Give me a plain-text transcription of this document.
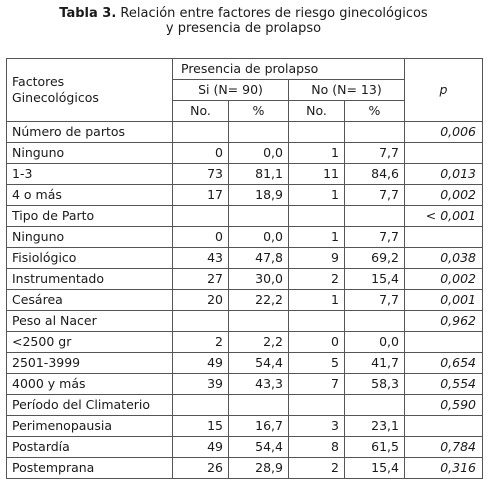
Tabla 3. Relación entre factores de riesgo ginecológicos
y presencia de prolapso
Factores
Ginecológicos	Presencia de prolapso				p
	Si (N= 90)		No (N= 13)		
	No.	%	No.	%	
Número de partos					0,006
Ninguno	0	0,0	1	7,7	
1-3	73	81,1	11	84,6	0,013
4 o más	17	18,9	1	7,7	0,002
Tipo de Parto					< 0,001
Ninguno	0	0,0	1	7,7	
Fisiológico	43	47,8	9	69,2	0,038
Instrumentado	27	30,0	2	15,4	0,002
Cesárea	20	22,2	1	7,7	0,001
Peso al Nacer					0,962
<2500 gr	2	2,2	0	0,0	
2501-3999	49	54,4	5	41,7	0,654
4000 y más	39	43,3	7	58,3	0,554
Período del Climaterio					0,590
Perimenopausia	15	16,7	3	23,1	
Postardía	49	54,4	8	61,5	0,784
Postemprana	26	28,9	2	15,4	0,316
